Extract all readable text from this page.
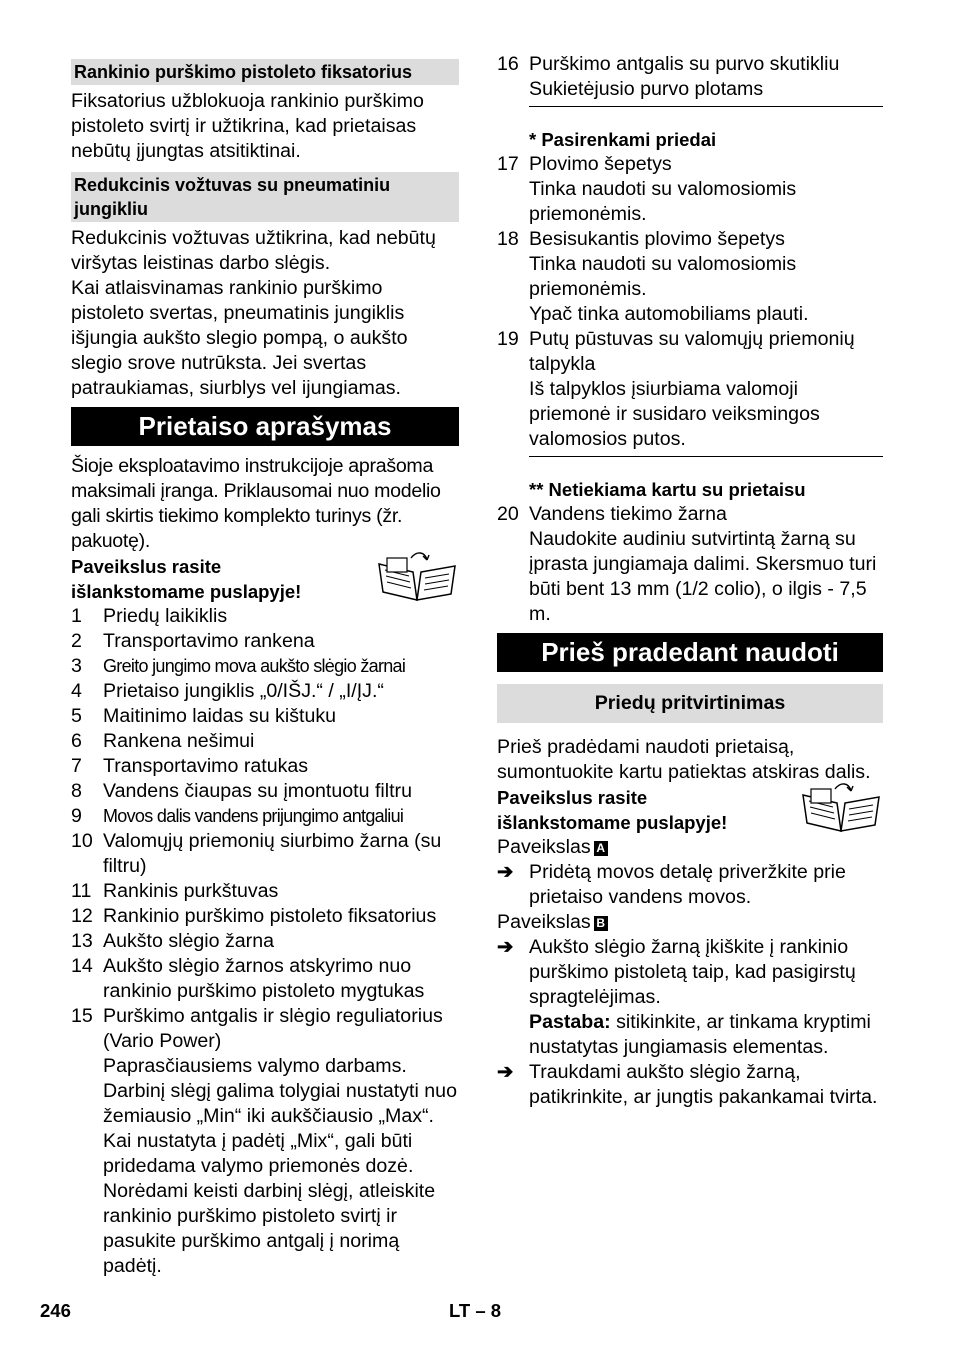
Rankinio purškimo pistoleto fiksatorius

Fiksatorius užblokuoja rankinio purškimo pistoleto svirtį ir užtikrina, kad prietaisas nebūtų įjungtas atsitiktinai.

Redukcinis vožtuvas su pneumatiniu jungikliu

Redukcinis vožtuvas užtikrina, kad nebūtų viršytas leistinas darbo slėgis.

Kai atlaisvinamas rankinio purškimo pistoleto svertas, pneumatinis jungiklis išjungia aukšto slegio pompą, o aukšto slegio srove nutrūksta. Jei svertas patraukiamas, siurblys vel ijungiamas.

Prietaiso aprašymas

Šioje eksploatavimo instrukcijoje aprašoma maksimali įranga. Priklausomai nuo modelio gali skirtis tiekimo komplekto turinys (žr. pakuotę).

Paveikslus rasite išlankstomame puslapyje!
1	Priedų laikiklis
2	Transportavimo rankena
3	Greito jungimo mova aukšto slėgio žarnai
4	Prietaiso jungiklis „0/IŠJ.“ / „I/ĮJ.“
5	Maitinimo laidas su kištuku
6	Rankena nešimui
7	Transportavimo ratukas
8	Vandens čiaupas su įmontuotu filtru
9	Movos dalis vandens prijungimo antgaliui
10 Valomųjų priemonių siurbimo žarna (su filtru)
11 Rankinis purkštuvas
12 Rankinio purškimo pistoleto fiksatorius
13 Aukšto slėgio žarna
14 Aukšto slėgio žarnos atskyrimo nuo rankinio purškimo pistoleto mygtukas
15 Purškimo antgalis ir slėgio reguliatorius (Vario Power)
Paprasčiausiems valymo darbams. Darbinį slėgį galima tolygiai nustatyti nuo žemiausio „Min“ iki aukščiausio „Max“. Kai nustatyta į padėtį „Mix“, gali būti pridedama valymo priemonės dozė.
Norėdami keisti darbinį slėgį, atleiskite rankinio purškimo pistoleto svirtį ir pasukite purškimo antgalį į norimą padėtį.
16 Purškimo antgalis su purvo skutikliu
Sukietėjusio purvo plotams
* Pasirenkami priedai
17 Plovimo šepetys
Tinka naudoti su valomosiomis priemonėmis.
18 Besisukantis plovimo šepetys
Tinka naudoti su valomosiomis priemonėmis.
Ypač tinka automobiliams plauti.
19 Putų pūstuvas su valomųjų priemonių talpykla
Iš talpyklos įsiurbiama valomoji priemonė ir susidaro veiksmingos valomosios putos.
** Netiekiama kartu su prietaisu
20 Vandens tiekimo žarna
Naudokite audiniu sutvirtintą žarną su įprasta jungiamaja dalimi. Skersmuo turi būti bent 13 mm (1/2 colio), o ilgis - 7,5 m.
Prieš pradedant naudoti
Priedų pritvirtinimas

Prieš pradėdami naudoti prietaisą, sumontuokite kartu patiektas atskiras dalis.

Paveikslus rasite išlankstomame puslapyje!
Paveikslas A
➔ Pridėtą movos detalę priveržkite prie prietaiso vandens movos.
Paveikslas B
➔ Aukšto slėgio žarną įkiškite į rankinio purškimo pistoletą taip, kad pasigirstų spragtelėjimas.
Pastaba: sitikinkite, ar tinkama kryptimi nustatytas jungiamasis elementas.
➔ Traukdami aukšto slėgio žarną, patikrinkite, ar jungtis pakankamai tvirta.
246	LT – 8
